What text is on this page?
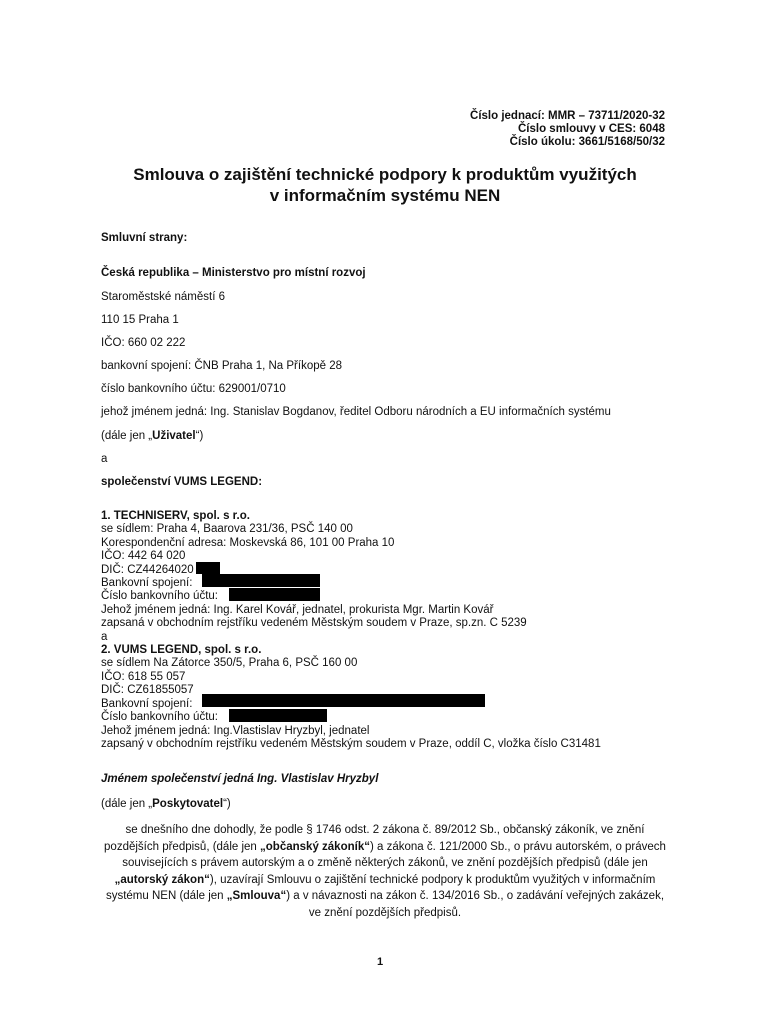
Číslo jednací: MMR – 73711/2020-32
Číslo smlouvy v CES: 6048
Číslo úkolu: 3661/5168/50/32
Smlouva o zajištění technické podpory k produktům využitých
v informačním systému NEN
Smluvní strany:
Česká republika – Ministerstvo pro místní rozvoj
Staroměstské náměstí 6
110 15 Praha 1
IČO: 660 02 222
bankovní spojení: ČNB Praha 1, Na Příkopě 28
číslo bankovního účtu: 629001/0710
jehož jménem jedná: Ing. Stanislav Bogdanov, ředitel Odboru národních a EU informačních systému
(dále jen „Uživatel“)
a
společenství VUMS LEGEND:
1. TECHNISERV, spol. s r.o.
se sídlem: Praha 4, Baarova 231/36, PSČ 140 00
Korespondenční adresa: Moskevská 86, 101 00 Praha 10
IČO: 442 64 020
DIČ: CZ44264020
Bankovní spojení:
Číslo bankovního účtu:
Jehož jménem jedná: Ing. Karel Kovář, jednatel, prokurista Mgr. Martin Kovář
zapsaná v obchodním rejstříku vedeném Městským soudem v Praze, sp.zn. C 5239
a
2. VUMS LEGEND, spol. s r.o.
se sídlem Na Zátorce 350/5, Praha 6, PSČ 160 00
IČO: 618 55 057
DIČ: CZ61855057
Bankovní spojení:
Číslo bankovního účtu:
Jehož jménem jedná: Ing.Vlastislav Hryzbyl, jednatel
zapsaný v obchodním rejstříku vedeném Městským soudem v Praze, oddíl C, vložka číslo C31481
Jménem společenství jedná Ing. Vlastislav Hryzbyl
(dále jen „Poskytovatel“)
se dnešního dne dohodly, že podle § 1746 odst. 2 zákona č. 89/2012 Sb., občanský zákoník, ve znění pozdějších předpisů, (dále jen „občanský zákoník“) a zákona č. 121/2000 Sb., o právu autorském, o právech souvisejících s právem autorským a o změně některých zákonů, ve znění pozdějších předpisů (dále jen „autorský zákon“), uzavírají Smlouvu o zajištění technické podpory k produktům využitých v informačním systému NEN (dále jen „Smlouva“) a v návaznosti na zákon č. 134/2016 Sb., o zadávání veřejných zakázek, ve znění pozdějších předpisů.
1
